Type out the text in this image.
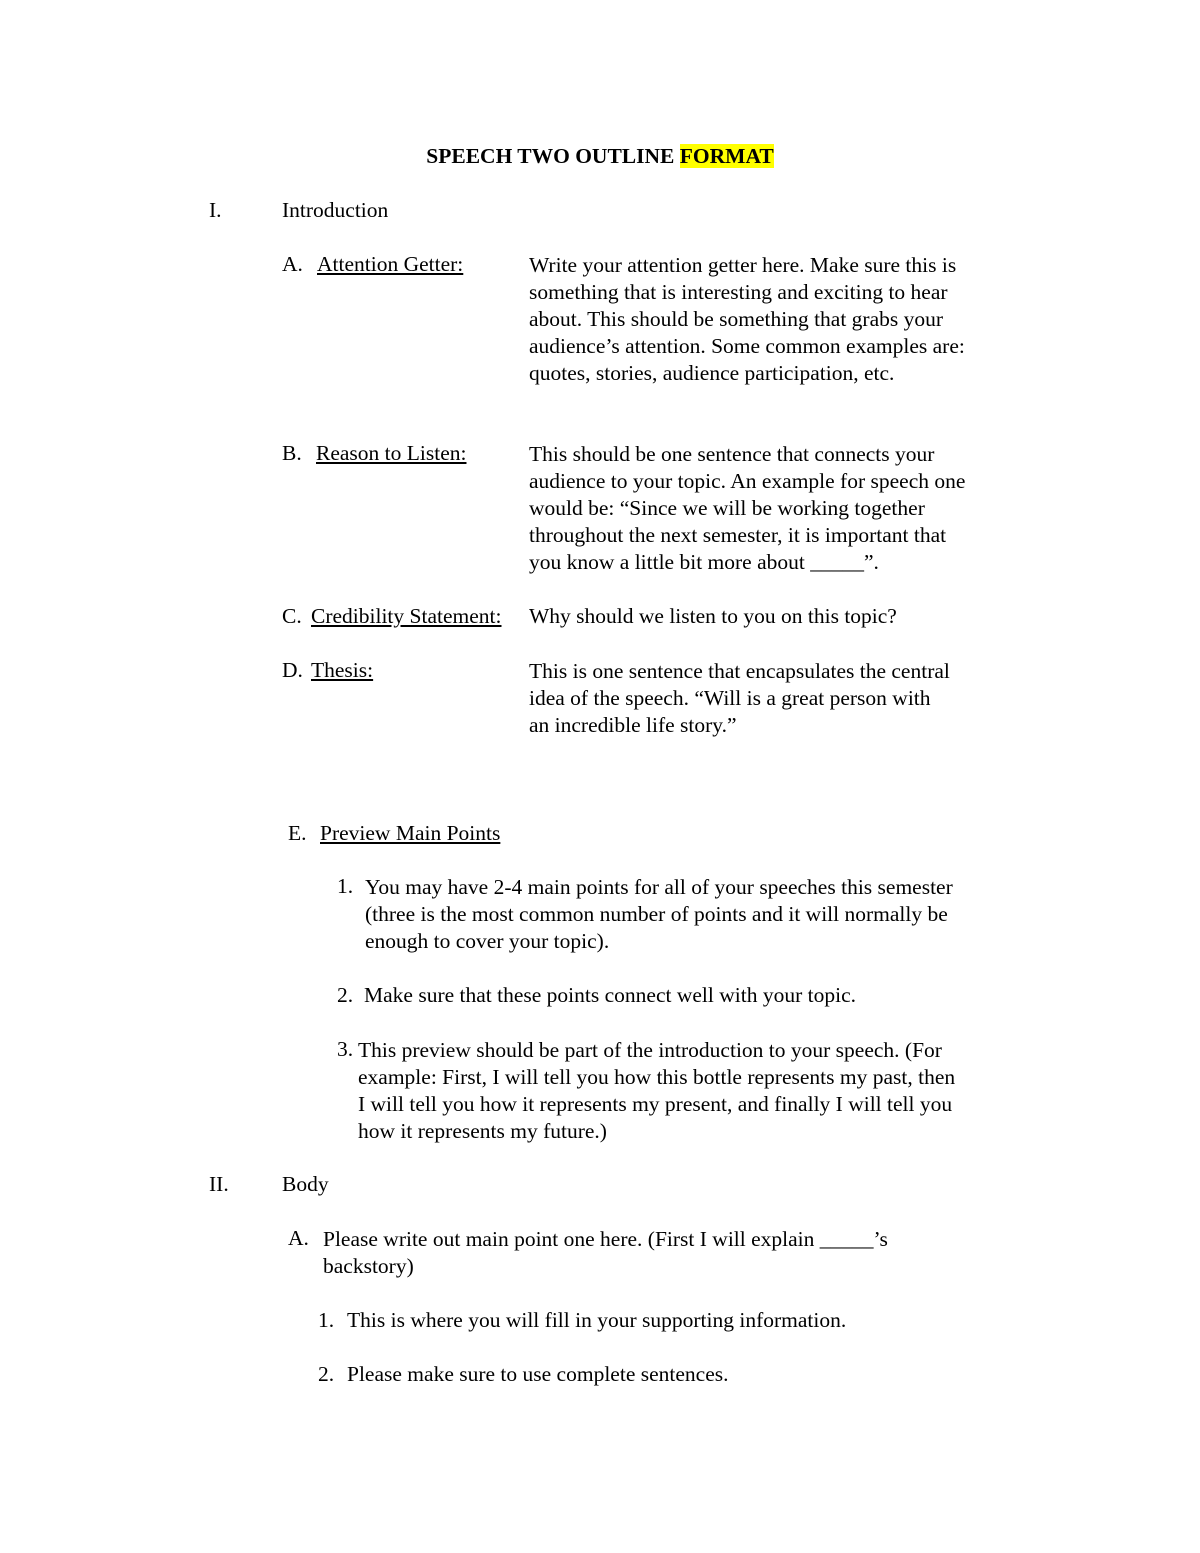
SPEECH TWO OUTLINE FORMAT
I.	Introduction
A. Attention Getter:	Write your attention getter here. Make sure this is
something that is interesting and exciting to hear
about. This should be something that grabs your
audience’s attention. Some common examples are:
quotes, stories, audience participation, etc.
B. Reason to Listen:	This should be one sentence that connects your
audience to your topic. An example for speech one
would be: “Since we will be working together
throughout the next semester, it is important that
you know a little bit more about _____”.
C. Credibility Statement: Why should we listen to you on this topic?
D. Thesis:	This is one sentence that encapsulates the central
idea of the speech. “Will is a great person with
an incredible life story.”
E. Preview Main Points
1. You may have 2-4 main points for all of your speeches this semester
(three is the most common number of points and it will normally be
enough to cover your topic).
2. Make sure that these points connect well with your topic.
3. This preview should be part of the introduction to your speech. (For
example: First, I will tell you how this bottle represents my past, then
I will tell you how it represents my present, and finally I will tell you
how it represents my future.)
II. Body
A. Please write out main point one here. (First I will explain _____’s
backstory)
1. This is where you will fill in your supporting information.
2. Please make sure to use complete sentences.
